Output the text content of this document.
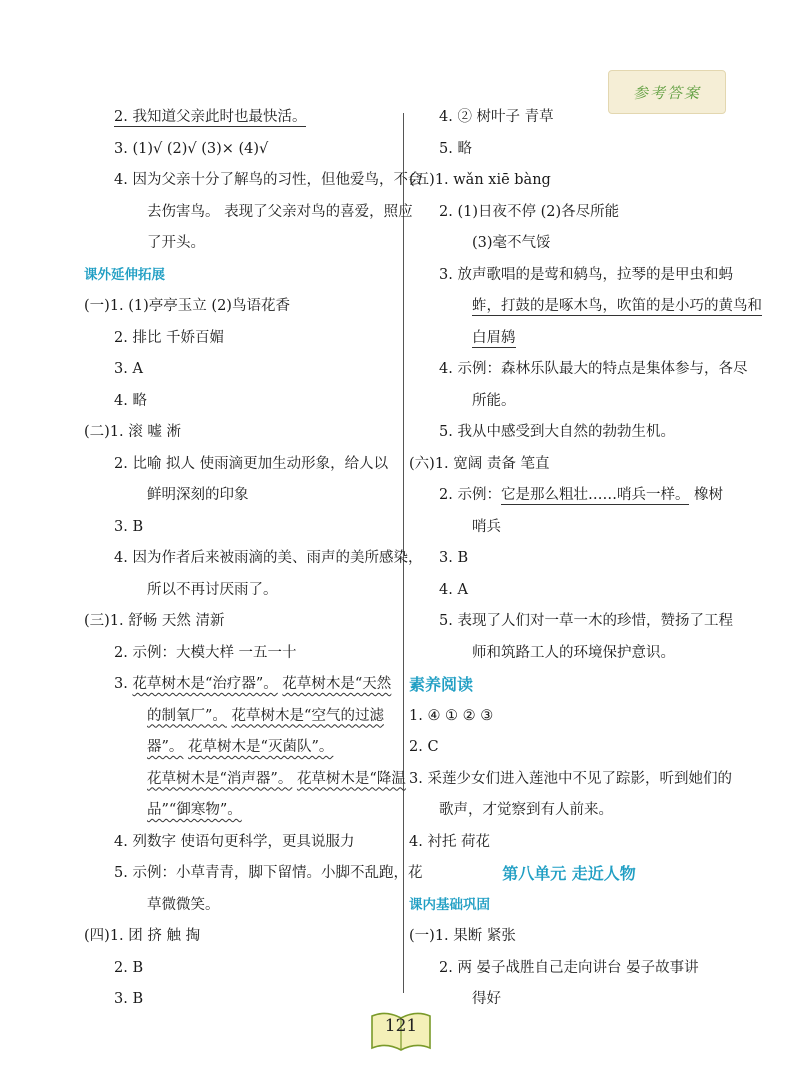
参考答案
2. 我知道父亲此时也最快活。
3. (1)√ (2)√ (3)× (4)√
4. 因为父亲十分了解鸟的习性，但他爱鸟，不会
去伤害鸟。 表现了父亲对鸟的喜爱，照应
了开头。
课外延伸拓展
(一)1. (1)亭亭玉立 (2)鸟语花香
2. 排比 千娇百媚
3. A
4. 略
(二)1. 滚 嘘 淅
2. 比喻 拟人 使雨滴更加生动形象，给人以
鲜明深刻的印象
3. B
4. 因为作者后来被雨滴的美、雨声的美所感染，
所以不再讨厌雨了。
(三)1. 舒畅 天然 清新
2. 示例：大模大样 一五一十
3. 花草树木是“治疗器”。 花草树木是“天然
的制氧厂”。 花草树木是“空气的过滤
器”。 花草树木是“灭菌队”。
花草树木是“消声器”。 花草树木是“降温
品”“御寒物”。
4. 列数字 使语句更科学，更具说服力
5. 示例：小草青青，脚下留情。小脚不乱跑，花
草微微笑。
(四)1. 团 挤 触 掏
2. B
3. B
4. ② 树叶子 青草
5. 略
(五)1. wǎn xiē bàng
2. (1)日夜不停 (2)各尽所能
(3)毫不气馁
3. 放声歌唱的是莺和鸫鸟，拉琴的是甲虫和蚂
蚱，打鼓的是啄木鸟，吹笛的是小巧的黄鸟和
白眉鸫
4. 示例：森林乐队最大的特点是集体参与，各尽
所能。
5. 我从中感受到大自然的勃勃生机。
(六)1. 宽阔 责备 笔直
2. 示例：它是那么粗壮……哨兵一样。 橡树
哨兵
3. B
4. A
5. 表现了人们对一草一木的珍惜，赞扬了工程
师和筑路工人的环境保护意识。
素养阅读
1. ④ ① ② ③
2. C
3. 采莲少女们进入莲池中不见了踪影，听到她们的
歌声，才觉察到有人前来。
4. 衬托 荷花
第八单元 走近人物
课内基础巩固
(一)1. 果断 紧张
2. 两 晏子战胜自己走向讲台 晏子故事讲
得好
121
